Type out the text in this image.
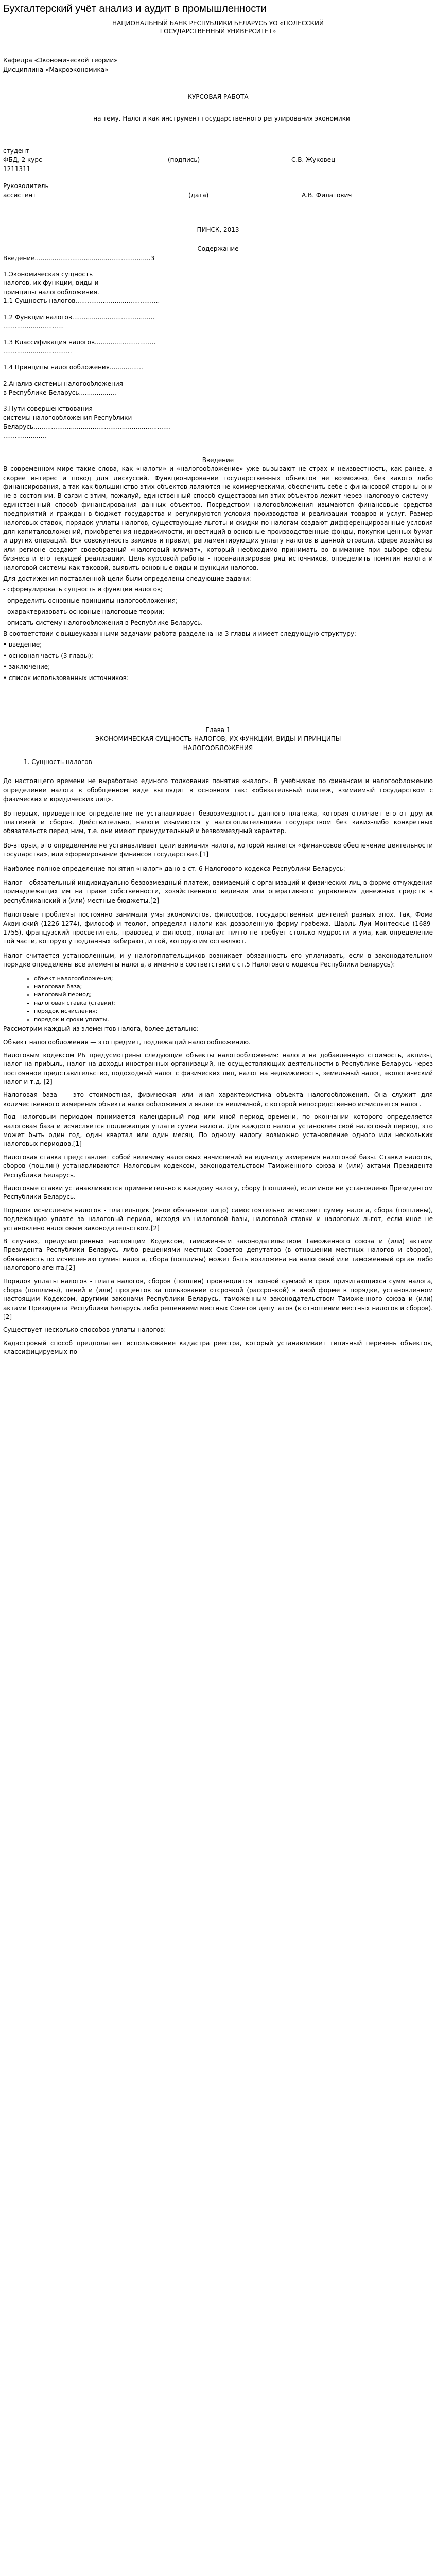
Бухгалтерский учёт анализ и аудит в промышленности
НАЦИОНАЛЬНЫЙ БАНК РЕСПУБЛИКИ БЕЛАРУСЬ УО «ПОЛЕССКИЙ
ГОСУДАРСТВЕННЫЙ УНИВЕРСИТЕТ»

Кафедра «Экономической теории»

Дисциплина «Макроэкономика»

КУРСОВАЯ РАБОТА

на тему. Налоги как инструмент государственного регулирования экономики

студент

ФБД, 2 курс	(подпись)	С.В. Жуковец

1211311

Руководитель

ассистент	(дата)	А.В. Филатович

ПИНСК, 2013

Содержание

Введение...........................................................3
1.Экономическая сущность
налогов, их функции, виды и
принципы налогообложения.
1.1 Сущность налогов...........................................
1.2 Функции налогов..........................................
...............................
1.3 Классификация налогов...............................
...................................
1.4 Принципы налогообложения.................
2.Анализ системы налогообложения
в Республике Беларусь...................
3.Пути совершенствования
системы налогообложения Республики
Беларусь......................................................................
......................

Введение

В современном мире такие слова, как «налоги» и «налогообложение» уже вызывают не страх и неизвестность, как ранее, а скорее интерес и повод для дискуссий. Функционирование государственных объектов не возможно, без какого либо финансирования, а так как большинство этих объектов являются не коммерческими, обеспечить себе с финансовой стороны они не в состоянии. В связи с этим, пожалуй, единственный способ существования этих объектов лежит через налоговую систему - единственный способ финансирования данных объектов. Посредством налогообложения изымаются финансовые средства предприятий и граждан в бюджет государства и регулируются условия производства и реализации товаров и услуг. Размер налоговых ставок, порядок уплаты налогов, существующие льготы и скидки по налогам создают дифференцированные условия для капиталовложений, приобретения недвижимости, инвестиций в основные производственные фонды, покупки ценных бумаг и других операций. Вся совокупность законов и правил, регламентирующих уплату налогов в данной отрасли, сфере хозяйства или регионе создают своеобразный «налоговый климат», который необходимо принимать во внимание при выборе сферы бизнеса и его текущей реализации. Цель курсовой работы - проанализировав ряд источников, определить понятия налога и налоговой системы как таковой, выявить основные виды и функции налогов.

Для достижения поставленной цели были определены следующие задачи:

- сформулировать сущность и функции налогов;

- определить основные принципы налогообложения;

- охарактеризовать основные налоговые теории;

- описать систему налогообложения в Республике Беларусь.

В соответствии с вышеуказанными задачами работа разделена на 3 главы и имеет следующую структуру:

• введение;

• основная часть (3 главы);

• заключение;

• список использованных источников:

Глава 1

ЭКОНОМИЧЕСКАЯ СУЩНОСТЬ НАЛОГОВ, ИХ ФУНКЦИИ, ВИДЫ И ПРИНЦИПЫ

НАЛОГООБЛОЖЕНИЯ

1. Сущность налогов

До настоящего времени не выработано единого толкования понятия «налог». В учебниках по финансам и налогообложению определение налога в обобщенном виде выглядит в основном так: «обязательный платеж, взимаемый государством с физических и юридических лиц».

Во-первых, приведенное определение не устанавливает безвозмездность данного платежа, которая отличает его от других платежей и сборов. Действительно, налоги изымаются у налогоплательщика государством без каких-либо конкретных обязательств перед ним, т.е. они имеют принудительный и безвозмездный характер.

Во-вторых, это определение не устанавливает цели взимания налога, которой является «финансовое обеспечение деятельности государства», или «формирование финансов государства».[1]

Наиболее полное определение понятия «налог» дано в ст. 6 Налогового кодекса Республики Беларусь:

Налог - обязательный индивидуально безвозмездный платеж, взимаемый с организаций и физических лиц в форме отчуждения принадлежащих им на праве собственности, хозяйственного ведения или оперативного управления денежных средств в республиканский и (или) местные бюджеты.[2]

Налоговые проблемы постоянно занимали умы экономистов, философов, государственных деятелей разных эпох. Так, Фома Аквинский (1226-1274), философ и теолог, определял налоги как дозволенную форму грабежа. Шарль Луи Монтескье (1689-1755), французский просветитель, правовед и философ, полагал: ничто не требует столько мудрости и ума, как определение той части, которую у подданных забирают, и той, которую им оставляют.

Налог считается установленным, и у налогоплательщиков возникает обязанность его уплачивать, если в законодательном порядке определены все элементы налога, а именно в соответствии с ст.5 Налогового кодекса Республики Беларусь):

• объект налогообложения;
• налоговая база;
• налоговый период;
• налоговая ставка (ставки);
• порядок исчисления;
• порядок и сроки уплаты.

Рассмотрим каждый из элементов налога, более детально:

Объект налогообложения — это предмет, подлежащий налогообложению.

Налоговым кодексом РБ предусмотрены следующие объекты налогообложения: налоги на добавленную стоимость, акцизы, налог на прибыль, налог на доходы иностранных организаций, не осуществляющих деятельности в Республике Беларусь через постоянное представительство, подоходный налог с физических лиц, налог на недвижимость, земельный налог, экологический налог и т.д. [2]

Налоговая база — это стоимостная, физическая или иная характеристика объекта налогообложения. Она служит для количественного измерения объекта налогообложения и является величиной, с которой непосредственно исчисляется налог.

Под налоговым периодом понимается календарный год или иной период времени, по окончании которого определяется налоговая база и исчисляется подлежащая уплате сумма налога. Для каждого налога установлен свой налоговый период, это может быть один год, один квартал или один месяц. По одному налогу возможно установление одного или нескольких налоговых периодов.[1]

Налоговая ставка представляет собой величину налоговых начислений на единицу измерения налоговой базы. Ставки налогов, сборов (пошлин) устанавливаются Налоговым кодексом, законодательством Таможенного союза и (или) актами Президента Республики Беларусь.

Налоговые ставки устанавливаются применительно к каждому налогу, сбору (пошлине), если иное не установлено Президентом Республики Беларусь.

Порядок исчисления налогов - плательщик (иное обязанное лицо) самостоятельно исчисляет сумму налога, сбора (пошлины), подлежащую уплате за налоговый период, исходя из налоговой базы, налоговой ставки и налоговых льгот, если иное не установлено налоговым законодательством.[2]

В случаях, предусмотренных настоящим Кодексом, таможенным законодательством Таможенного союза и (или) актами Президента Республики Беларусь либо решениями местных Советов депутатов (в отношении местных налогов и сборов), обязанность по исчислению суммы налога, сбора (пошлины) может быть возложена на налоговый или таможенный орган либо налогового агента.[2]

Порядок уплаты налогов - плата налогов, сборов (пошлин) производится полной суммой в срок причитающихся сумм налога, сбора (пошлины), пеней и (или) процентов за пользование отсрочкой (рассрочкой) в иной форме в порядке, установленном настоящим Кодексом, другими законами Республики Беларусь, таможенным законодательством Таможенного союза и (или) актами Президента Республики Беларусь либо решениями местных Советов депутатов (в отношении местных налогов и сборов).[2]

Существует несколько способов уплаты налогов:

Кадастровый способ предполагает использование кадастра реестра, который устанавливает типичный перечень объектов, классифицируемых по
